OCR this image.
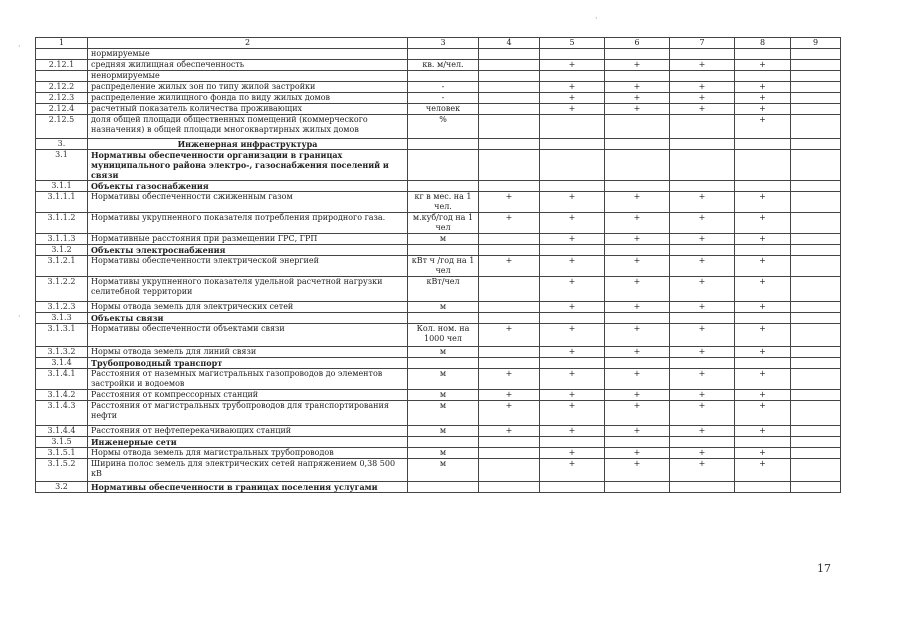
1	2	3	4	5	6	7	8	9
	нормируемые							
2.12.1	средняя жилищная обеспеченность	кв. м/чел.		+	+	+	+	
	ненормируемые							
2.12.2	распределение жилых зон по типу жилой застройки	-		+	+	+	+	
2.12.3	распределение жилищного фонда по виду жилых домов	-		+	+	+	+	
2.12.4	расчетный показатель количества проживающих	человек		+	+	+	+	
2.12.5	доля общей площади общественных помещений (коммерческого назначения) в общей площади многоквартирных жилых домов	%					+	
3.	Инженерная инфраструктура							
3.1	Нормативы обеспеченности организации в границах муниципального района электро-, газоснабжения поселений и связи							
3.1.1	Объекты газоснабжения							
3.1.1.1	Нормативы обеспеченности сжиженным газом	кг в мес. на 1 чел.	+	+	+	+	+	
3.1.1.2	Нормативы укрупненного показателя потребления природного газа.	м.куб/год на 1 чел	+	+	+	+	+	
3.1.1.3	Нормативные расстояния при размещении ГРС, ГРП	м		+	+	+	+	
3.1.2	Объекты электроснабжения							
3.1.2.1	Нормативы обеспеченности электрической энергией	кВт ч /год на 1 чел	+	+	+	+	+	
3.1.2.2	Нормативы укрупненного показателя удельной расчетной нагрузки селитебной территории	кВт/чел		+	+	+	+	
3.1.2.3	Нормы отвода земель для электрических сетей	м		+	+	+	+	
3.1.3	Объекты связи							
3.1.3.1	Нормативы обеспеченности объектами связи	Кол. ном. на 1000 чел	+	+	+	+	+	
3.1.3.2	Нормы отвода земель для линий связи	м		+	+	+	+	
3.1.4	Трубопроводный транспорт							
3.1.4.1	Расстояния от наземных магистральных газопроводов до элементов застройки и водоемов	м	+	+	+	+	+	
3.1.4.2	Расстояния от компрессорных станций	м	+	+	+	+	+	
3.1.4.3	Расстояния от магистральных трубопроводов для транспортирования нефти	м	+	+	+	+	+	
3.1.4.4	Расстояния от нефтеперекачивающих станций	м	+	+	+	+	+	
3.1.5	Инженерные сети							
3.1.5.1	Нормы отвода земель для магистральных трубопроводов	м		+	+	+	+	
3.1.5.2	Ширина полос земель для электрических сетей напряжением 0,38 500 кВ	м		+	+	+	+	
3.2	Нормативы обеспеченности в границах поселения услугами							
17
·
·
·
